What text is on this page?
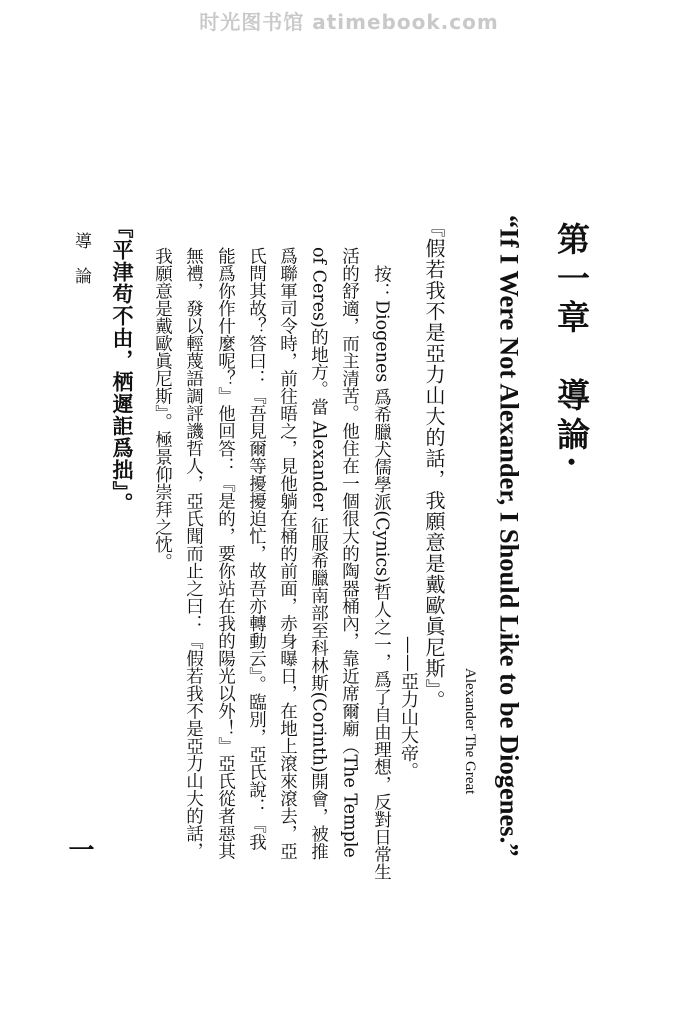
时光图书馆 atimebook.com
第一章　導論·
“If I Were Not Alexander, I Should Like to be Diogenes.”
Alexander The Great
『假若我不是亞力山大的話，我願意是戴歐眞尼斯』。
——亞力山大帝。
按：Diogenes 爲希臘犬儒學派(Cynics)哲人之一，爲了自由理想，反對日常生
活的舒適，而主清苦。他住在一個很大的陶器桶內，靠近席爾廟（The Temple
of Ceres)的地方。當 Alexander 征服希臘南部至科林斯(Corinth)開會，被推
爲聯軍司令時，前往晤之，見他躺在桶的前面，赤身曝日，在地上滾來滾去，亞
氏問其故？答曰：『吾見爾等擾擾迫忙，故吾亦轉動云』。臨別，亞氏說：『我
能爲你作什麼呢？』他回答：『是的，要你站在我的陽光以外！』亞氏從者惡其
無禮，發以輕蔑語調評譏哲人，亞氏聞而止之曰：『假若我不是亞力山大的話，
我願意是戴歐眞尼斯』。極景仰崇拜之忱。
『平津苟不由，栖遲詎爲拙』。
導論
一
